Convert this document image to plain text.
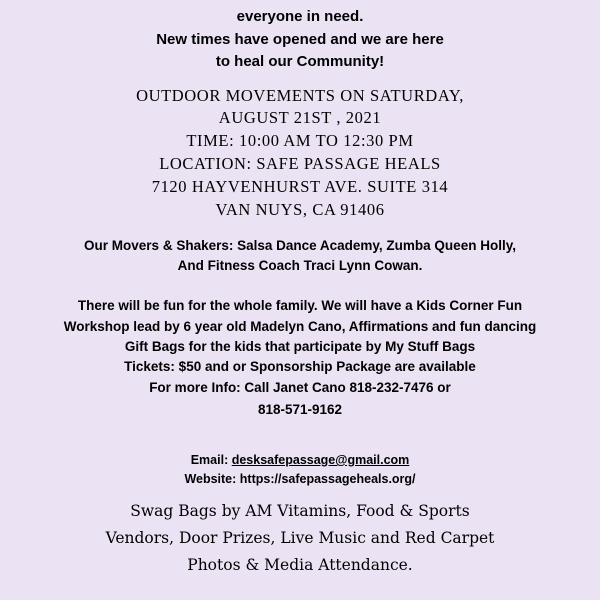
everyone in need.
New times have opened and we are here
to heal our Community!
OUTDOOR MOVEMENTS ON SATURDAY,
AUGUST 21ST , 2021
TIME: 10:00 AM TO 12:30 PM
LOCATION: SAFE PASSAGE HEALS
7120 HAYVENHURST AVE. SUITE 314
VAN NUYS, CA 91406
Our Movers & Shakers: Salsa Dance Academy, Zumba Queen Holly,
And Fitness Coach Traci Lynn Cowan.
There will be fun for the whole family. We will have a Kids Corner Fun
Workshop lead by 6 year old Madelyn Cano, Affirmations and fun dancing
Gift Bags for the kids that participate by My Stuff Bags
Tickets: $50 and or Sponsorship Package are available
For more Info: Call Janet Cano 818-232-7476 or
818-571-9162
Email: desksafepassage@gmail.com
Website: https://safepassageheals.org/
Swag Bags by AM Vitamins, Food & Sports
Vendors, Door Prizes, Live Music and Red Carpet
Photos & Media Attendance.
